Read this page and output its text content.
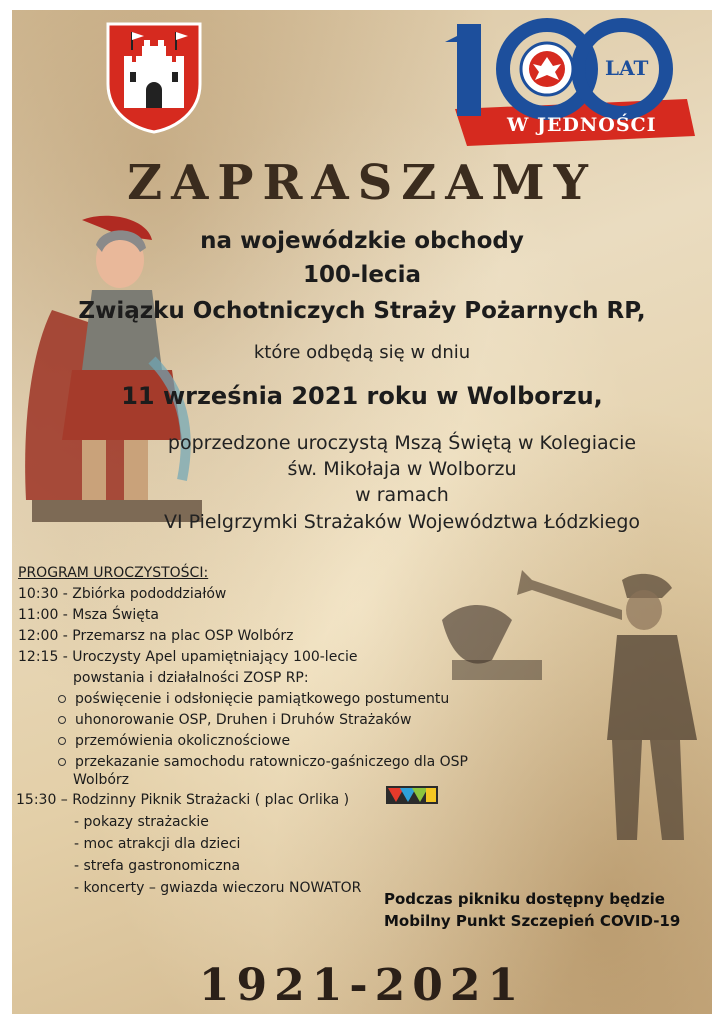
LAT
W JEDNOŚCI
ZAPRASZAMY
na wojewódzkie obchody
100-lecia
Związku Ochotniczych Straży Pożarnych RP,
które odbędą się w dniu
11 września 2021 roku w Wolborzu,
poprzedzone uroczystą Mszą Świętą w Kolegiacie
św. Mikołaja w Wolborzu
w ramach
VI Pielgrzymki Strażaków Województwa Łódzkiego
PROGRAM UROCZYSTOŚCI:
10:30 - Zbiórka pododdziałów
11:00 - Msza Święta
12:00 - Przemarsz na plac OSP Wolbórz
12:15 - Uroczysty Apel upamiętniający 100-lecie
powstania i działalności ZOSP RP:
poświęcenie i odsłonięcie pamiątkowego postumentu
uhonorowanie OSP, Druhen i Druhów Strażaków
przemówienia okolicznościowe
przekazanie samochodu ratowniczo-gaśniczego dla OSP
Wolbórz
15:30 – Rodzinny Piknik Strażacki ( plac Orlika )
- pokazy strażackie
- moc atrakcji dla dzieci
- strefa gastronomiczna
- koncerty – gwiazda wieczoru NOWATOR
Podczas pikniku dostępny będzie
Mobilny Punkt Szczepień COVID-19
1921-2021
